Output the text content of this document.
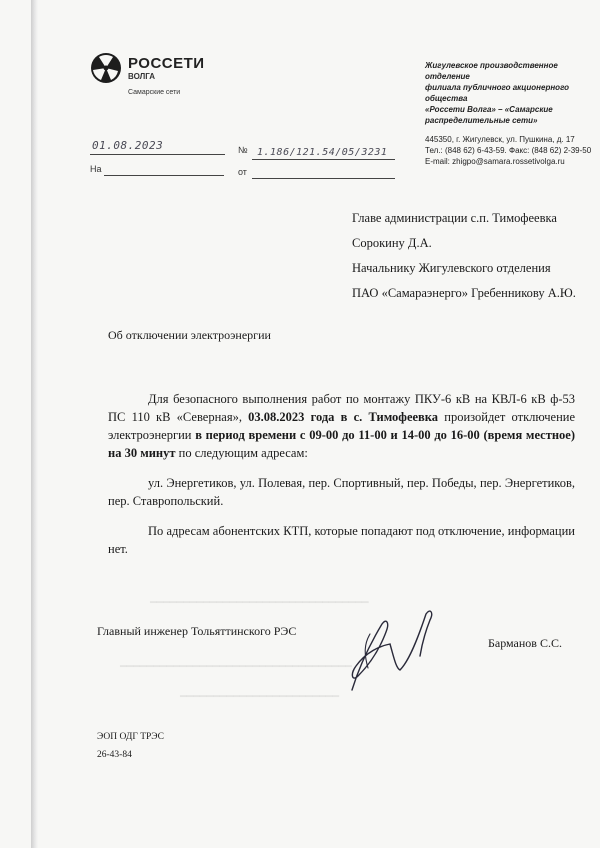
━━━━━━━━━━━━━━━━━━━━━━━━━━━━━━━━━
━━━━━━━━━━━━━━━━━━━━━━━━━━━━━━━━━━━
━━━━━━━━━━━━━━━━━━━━━━━━
РОССЕТИ
ВОЛГА
Самарские сети
Жигулевское производственное отделение
филиала публичного акционерного общества
«Россети Волга» – «Самарские
распределительные сети»
445350, г. Жигулевск, ул. Пушкина, д. 17
Тел.: (848 62) 6-43-59. Факс: (848 62) 2-39-50
E-mail: zhigpo@samara.rossetivolga.ru
01.08.2023	№ 1.186/121.54/05/3231
На	от
Главе администрации с.п. Тимофеевка
Сорокину Д.А.
Начальнику Жигулевского отделения
ПАО «Самараэнерго» Гребенникову А.Ю.
Об отключении электроэнергии

Для безопасного выполнения работ по монтажу ПКУ-6 кВ на КВЛ-6 кВ ф-53 ПС 110 кВ «Северная», 03.08.2023 года в с. Тимофеевка произойдет отключение электроэнергии в период времени с 09-00 до 11-00 и 14-00 до 16-00 (время местное) на 30 минут по следующим адресам:

ул. Энергетиков, ул. Полевая, пер. Спортивный, пер. Победы, пер. Энергетиков, пер. Ставропольский.

По адресам абонентских КТП, которые попадают под отключение, информации нет.

Главный инженер Тольяттинского РЭС
Барманов С.С.
ЭОП ОДГ ТРЭС
26-43-84
